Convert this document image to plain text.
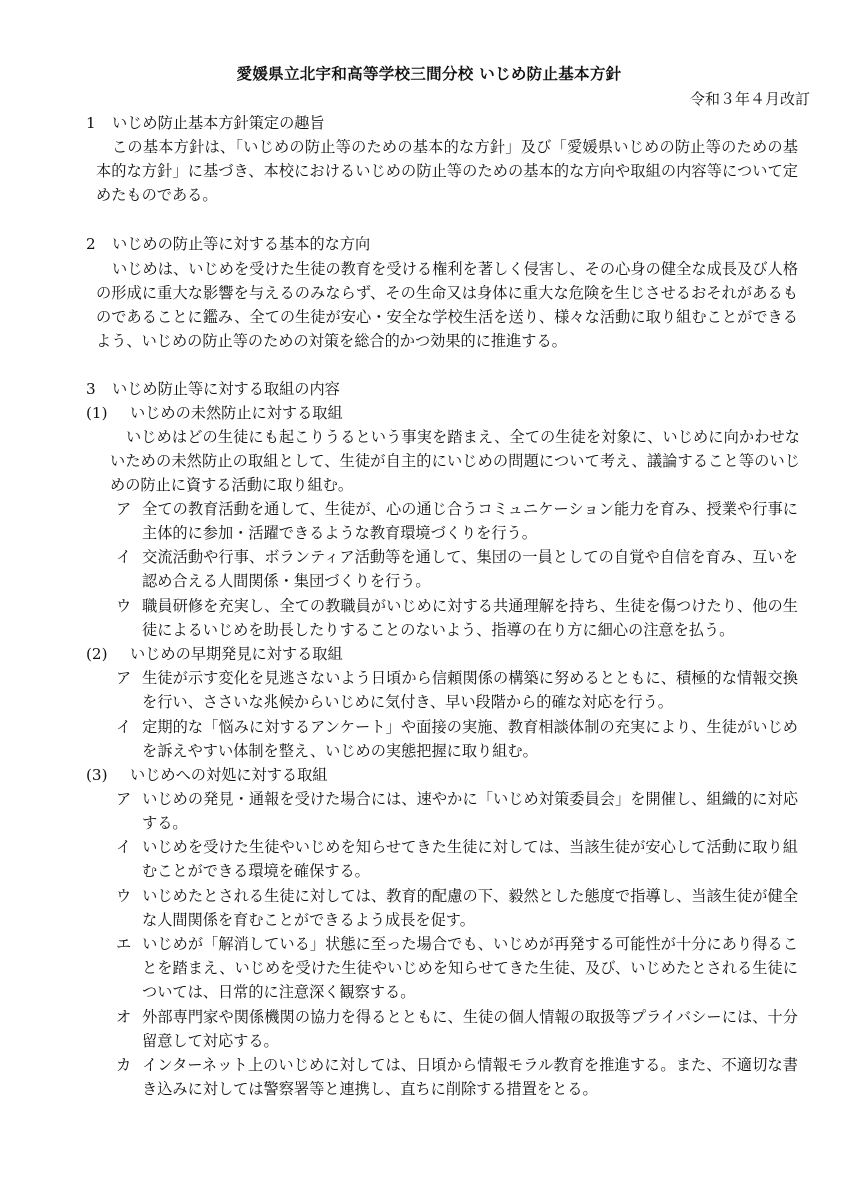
愛媛県立北宇和高等学校三間分校 いじめ防止基本方針
令和３年４月改訂
1 いじめ防止基本方針策定の趣旨
この基本方針は、「いじめの防止等のための基本的な方針」及び「愛媛県いじめの防止等のための基本的な方針」に基づき、本校におけるいじめの防止等のための基本的な方向や取組の内容等について定めたものである。
2 いじめの防止等に対する基本的な方向
いじめは、いじめを受けた生徒の教育を受ける権利を著しく侵害し、その心身の健全な成長及び人格の形成に重大な影響を与えるのみならず、その生命又は身体に重大な危険を生じさせるおそれがあるものであることに鑑み、全ての生徒が安心・安全な学校生活を送り、様々な活動に取り組むことができるよう、いじめの防止等のための対策を総合的かつ効果的に推進する。
3 いじめ防止等に対する取組の内容
(1) いじめの未然防止に対する取組
いじめはどの生徒にも起こりうるという事実を踏まえ、全ての生徒を対象に、いじめに向かわせないための未然防止の取組として、生徒が自主的にいじめの問題について考え、議論すること等のいじめの防止に資する活動に取り組む。
ア 全ての教育活動を通して、生徒が、心の通じ合うコミュニケーション能力を育み、授業や行事に主体的に参加・活躍できるような教育環境づくりを行う。
イ 交流活動や行事、ボランティア活動等を通して、集団の一員としての自覚や自信を育み、互いを認め合える人間関係・集団づくりを行う。
ウ 職員研修を充実し、全ての教職員がいじめに対する共通理解を持ち、生徒を傷つけたり、他の生徒によるいじめを助長したりすることのないよう、指導の在り方に細心の注意を払う。
(2) いじめの早期発見に対する取組
ア 生徒が示す変化を見逃さないよう日頃から信頼関係の構築に努めるとともに、積極的な情報交換を行い、ささいな兆候からいじめに気付き、早い段階から的確な対応を行う。
イ 定期的な「悩みに対するアンケート」や面接の実施、教育相談体制の充実により、生徒がいじめを訴えやすい体制を整え、いじめの実態把握に取り組む。
(3) いじめへの対処に対する取組
ア いじめの発見・通報を受けた場合には、速やかに「いじめ対策委員会」を開催し、組織的に対応する。
イ いじめを受けた生徒やいじめを知らせてきた生徒に対しては、当該生徒が安心して活動に取り組むことができる環境を確保する。
ウ いじめたとされる生徒に対しては、教育的配慮の下、毅然とした態度で指導し、当該生徒が健全な人間関係を育むことができるよう成長を促す。
エ いじめが「解消している」状態に至った場合でも、いじめが再発する可能性が十分にあり得ることを踏まえ、いじめを受けた生徒やいじめを知らせてきた生徒、及び、いじめたとされる生徒については、日常的に注意深く観察する。
オ 外部専門家や関係機関の協力を得るとともに、生徒の個人情報の取扱等プライバシーには、十分留意して対応する。
カ インターネット上のいじめに対しては、日頃から情報モラル教育を推進する。また、不適切な書き込みに対しては警察署等と連携し、直ちに削除する措置をとる。
